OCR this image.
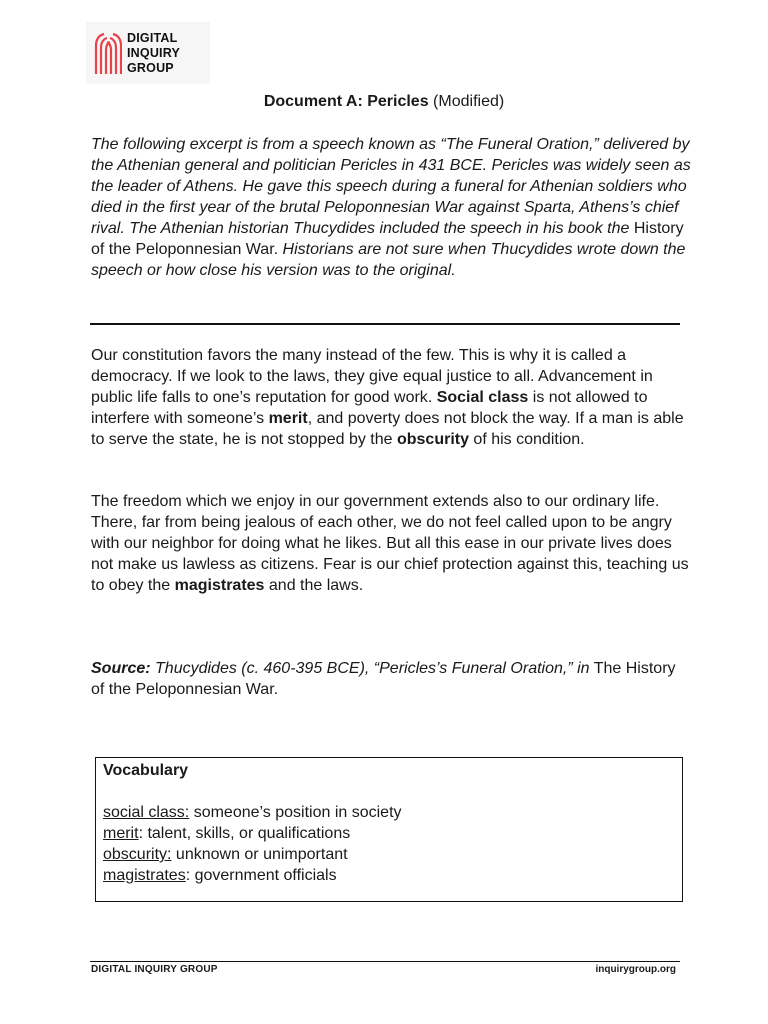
DIGITAL
INQUIRY
GROUP
Document A: Pericles (Modified)
The following excerpt is from a speech known as “The Funeral Oration,” delivered by the Athenian general and politician Pericles in 431 BCE. Pericles was widely seen as the leader of Athens. He gave this speech during a funeral for Athenian soldiers who died in the first year of the brutal Peloponnesian War against Sparta, Athens’s chief rival. The Athenian historian Thucydides included the speech in his book the History of the Peloponnesian War. Historians are not sure when Thucydides wrote down the speech or how close his version was to the original.
Our constitution favors the many instead of the few. This is why it is called a democracy. If we look to the laws, they give equal justice to all. Advancement in public life falls to one’s reputation for good work. Social class is not allowed to interfere with someone’s merit, and poverty does not block the way. If a man is able to serve the state, he is not stopped by the obscurity of his condition.
The freedom which we enjoy in our government extends also to our ordinary life. There, far from being jealous of each other, we do not feel called upon to be angry with our neighbor for doing what he likes. But all this ease in our private lives does not make us lawless as citizens. Fear is our chief protection against this, teaching us to obey the magistrates and the laws.
Source: Thucydides (c. 460-395 BCE), “Pericles’s Funeral Oration,” in The History of the Peloponnesian War.
Vocabulary
social class: someone’s position in society
merit: talent, skills, or qualifications
obscurity: unknown or unimportant
magistrates: government officials
DIGITAL INQUIRY GROUP	inquirygroup.org
